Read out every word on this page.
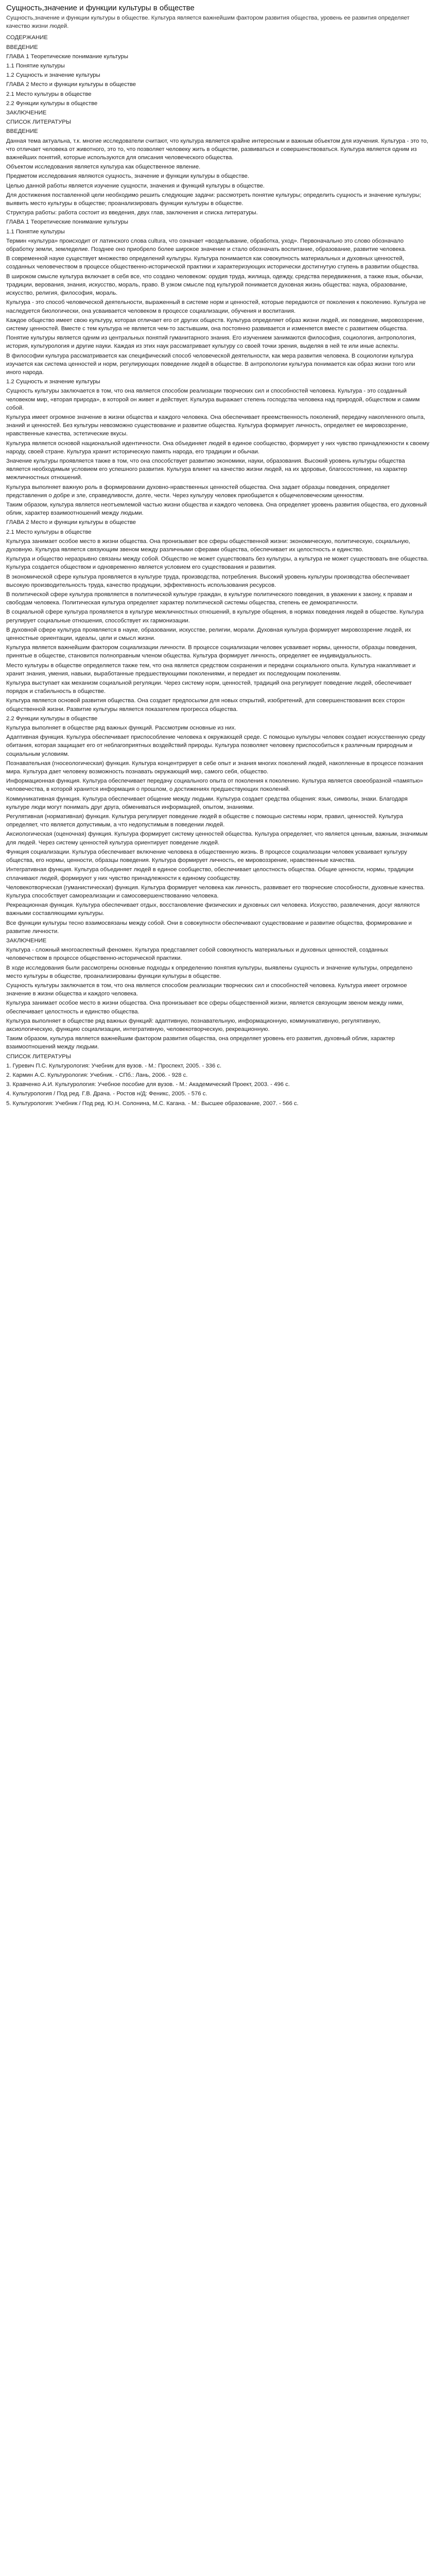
Сущность,значение и функции культуры в обществе

Сущность,значение и функции культуры в обществе. Культура является важнейшим фактором развития общества, уровень ее развития определяет качество жизни людей.

СОДЕРЖАНИЕ

ВВЕДЕНИЕ

ГЛАВА 1 Теоретические понимание культуры

1.1 Понятие культуры

1.2 Сущность и значение культуры

ГЛАВА 2 Место и функции культуры в обществе

2.1 Место культуры в обществе

2.2 Функции культуры в обществе

ЗАКЛЮЧЕНИЕ

СПИСОК ЛИТЕРАТУРЫ

ВВЕДЕНИЕ

Данная тема актуальна, т.к. многие исследователи считают, что культура является крайне интересным и важным объектом для изучения. Культура - это то, что отличает человека от животного, это то, что позволяет человеку жить в обществе, развиваться и совершенствоваться. Культура является одним из важнейших понятий, которые используются для описания человеческого общества.

Объектом исследования является культура как общественное явление.

Предметом исследования являются сущность, значение и функции культуры в обществе.

Целью данной работы является изучение сущности, значения и функций культуры в обществе.

Для достижения поставленной цели необходимо решить следующие задачи: рассмотреть понятие культуры; определить сущность и значение культуры; выявить место культуры в обществе; проанализировать функции культуры в обществе.

Структура работы: работа состоит из введения, двух глав, заключения и списка литературы.

ГЛАВА 1 Теоретические понимание культуры

1.1 Понятие культуры

Термин «культура» происходит от латинского слова cultura, что означает «возделывание, обработка, уход». Первоначально это слово обозначало обработку земли, земледелие. Позднее оно приобрело более широкое значение и стало обозначать воспитание, образование, развитие человека.

В современной науке существует множество определений культуры. Культура понимается как совокупность материальных и духовных ценностей, созданных человечеством в процессе общественно-исторической практики и характеризующих исторически достигнутую ступень в развитии общества.

В широком смысле культура включает в себя все, что создано человеком: орудия труда, жилища, одежду, средства передвижения, а также язык, обычаи, традиции, верования, знания, искусство, мораль, право. В узком смысле под культурой понимается духовная жизнь общества: наука, образование, искусство, религия, философия, мораль.

Культура - это способ человеческой деятельности, выраженный в системе норм и ценностей, которые передаются от поколения к поколению. Культура не наследуется биологически, она усваивается человеком в процессе социализации, обучения и воспитания.

Каждое общество имеет свою культуру, которая отличает его от других обществ. Культура определяет образ жизни людей, их поведение, мировоззрение, систему ценностей. Вместе с тем культура не является чем-то застывшим, она постоянно развивается и изменяется вместе с развитием общества.

Понятие культуры является одним из центральных понятий гуманитарного знания. Его изучением занимаются философия, социология, антропология, история, культурология и другие науки. Каждая из этих наук рассматривает культуру со своей точки зрения, выделяя в ней те или иные аспекты.

В философии культура рассматривается как специфический способ человеческой деятельности, как мера развития человека. В социологии культура изучается как система ценностей и норм, регулирующих поведение людей в обществе. В антропологии культура понимается как образ жизни того или иного народа.

1.2 Сущность и значение культуры

Сущность культуры заключается в том, что она является способом реализации творческих сил и способностей человека. Культура - это созданный человеком мир, «вторая природа», в которой он живет и действует. Культура выражает степень господства человека над природой, обществом и самим собой.

Культура имеет огромное значение в жизни общества и каждого человека. Она обеспечивает преемственность поколений, передачу накопленного опыта, знаний и ценностей. Без культуры невозможно существование и развитие общества. Культура формирует личность, определяет ее мировоззрение, нравственные качества, эстетические вкусы.

Культура является основой национальной идентичности. Она объединяет людей в единое сообщество, формирует у них чувство принадлежности к своему народу, своей стране. Культура хранит историческую память народа, его традиции и обычаи.

Значение культуры проявляется также в том, что она способствует развитию экономики, науки, образования. Высокий уровень культуры общества является необходимым условием его успешного развития. Культура влияет на качество жизни людей, на их здоровье, благосостояние, на характер межличностных отношений.

Культура выполняет важную роль в формировании духовно-нравственных ценностей общества. Она задает образцы поведения, определяет представления о добре и зле, справедливости, долге, чести. Через культуру человек приобщается к общечеловеческим ценностям.

Таким образом, культура является неотъемлемой частью жизни общества и каждого человека. Она определяет уровень развития общества, его духовный облик, характер взаимоотношений между людьми.

ГЛАВА 2 Место и функции культуры в обществе

2.1 Место культуры в обществе

Культура занимает особое место в жизни общества. Она пронизывает все сферы общественной жизни: экономическую, политическую, социальную, духовную. Культура является связующим звеном между различными сферами общества, обеспечивает их целостность и единство.

Культура и общество неразрывно связаны между собой. Общество не может существовать без культуры, а культура не может существовать вне общества. Культура создается обществом и одновременно является условием его существования и развития.

В экономической сфере культура проявляется в культуре труда, производства, потребления. Высокий уровень культуры производства обеспечивает высокую производительность труда, качество продукции, эффективность использования ресурсов.

В политической сфере культура проявляется в политической культуре граждан, в культуре политического поведения, в уважении к закону, к правам и свободам человека. Политическая культура определяет характер политической системы общества, степень ее демократичности.

В социальной сфере культура проявляется в культуре межличностных отношений, в культуре общения, в нормах поведения людей в обществе. Культура регулирует социальные отношения, способствует их гармонизации.

В духовной сфере культура проявляется в науке, образовании, искусстве, религии, морали. Духовная культура формирует мировоззрение людей, их ценностные ориентации, идеалы, цели и смысл жизни.

Культура является важнейшим фактором социализации личности. В процессе социализации человек усваивает нормы, ценности, образцы поведения, принятые в обществе, становится полноправным членом общества. Культура формирует личность, определяет ее индивидуальность.

Место культуры в обществе определяется также тем, что она является средством сохранения и передачи социального опыта. Культура накапливает и хранит знания, умения, навыки, выработанные предшествующими поколениями, и передает их последующим поколениям.

Культура выступает как механизм социальной регуляции. Через систему норм, ценностей, традиций она регулирует поведение людей, обеспечивает порядок и стабильность в обществе.

Культура является основой развития общества. Она создает предпосылки для новых открытий, изобретений, для совершенствования всех сторон общественной жизни. Развитие культуры является показателем прогресса общества.

2.2 Функции культуры в обществе

Культура выполняет в обществе ряд важных функций. Рассмотрим основные из них.

Адаптивная функция. Культура обеспечивает приспособление человека к окружающей среде. С помощью культуры человек создает искусственную среду обитания, которая защищает его от неблагоприятных воздействий природы. Культура позволяет человеку приспособиться к различным природным и социальным условиям.

Познавательная (гносеологическая) функция. Культура концентрирует в себе опыт и знания многих поколений людей, накопленные в процессе познания мира. Культура дает человеку возможность познавать окружающий мир, самого себя, общество.

Информационная функция. Культура обеспечивает передачу социального опыта от поколения к поколению. Культура является своеобразной «памятью» человечества, в которой хранится информация о прошлом, о достижениях предшествующих поколений.

Коммуникативная функция. Культура обеспечивает общение между людьми. Культура создает средства общения: язык, символы, знаки. Благодаря культуре люди могут понимать друг друга, обмениваться информацией, опытом, знаниями.

Регулятивная (нормативная) функция. Культура регулирует поведение людей в обществе с помощью системы норм, правил, ценностей. Культура определяет, что является допустимым, а что недопустимым в поведении людей.

Аксиологическая (оценочная) функция. Культура формирует систему ценностей общества. Культура определяет, что является ценным, важным, значимым для людей. Через систему ценностей культура ориентирует поведение людей.

Функция социализации. Культура обеспечивает включение человека в общественную жизнь. В процессе социализации человек усваивает культуру общества, его нормы, ценности, образцы поведения. Культура формирует личность, ее мировоззрение, нравственные качества.

Интегративная функция. Культура объединяет людей в единое сообщество, обеспечивает целостность общества. Общие ценности, нормы, традиции сплачивают людей, формируют у них чувство принадлежности к единому сообществу.

Человекотворческая (гуманистическая) функция. Культура формирует человека как личность, развивает его творческие способности, духовные качества. Культура способствует самореализации и самосовершенствованию человека.

Рекреационная функция. Культура обеспечивает отдых, восстановление физических и духовных сил человека. Искусство, развлечения, досуг являются важными составляющими культуры.

Все функции культуры тесно взаимосвязаны между собой. Они в совокупности обеспечивают существование и развитие общества, формирование и развитие личности.

ЗАКЛЮЧЕНИЕ

Культура - сложный многоаспектный феномен. Культура представляет собой совокупность материальных и духовных ценностей, созданных человечеством в процессе общественно-исторической практики.

В ходе исследования были рассмотрены основные подходы к определению понятия культуры, выявлены сущность и значение культуры, определено место культуры в обществе, проанализированы функции культуры в обществе.

Сущность культуры заключается в том, что она является способом реализации творческих сил и способностей человека. Культура имеет огромное значение в жизни общества и каждого человека.

Культура занимает особое место в жизни общества. Она пронизывает все сферы общественной жизни, является связующим звеном между ними, обеспечивает целостность и единство общества.

Культура выполняет в обществе ряд важных функций: адаптивную, познавательную, информационную, коммуникативную, регулятивную, аксиологическую, функцию социализации, интегративную, человекотворческую, рекреационную.

Таким образом, культура является важнейшим фактором развития общества, она определяет уровень его развития, духовный облик, характер взаимоотношений между людьми.

СПИСОК ЛИТЕРАТУРЫ

1. Гуревич П.С. Культурология: Учебник для вузов. - М.: Проспект, 2005. - 336 с.

2. Кармин А.С. Культурология: Учебник. - СПб.: Лань, 2006. - 928 с.

3. Кравченко А.И. Культурология: Учебное пособие для вузов. - М.: Академический Проект, 2003. - 496 с.

4. Культурология / Под ред. Г.В. Драча. - Ростов н/Д: Феникс, 2005. - 576 с.

5. Культурология: Учебник / Под ред. Ю.Н. Солонина, М.С. Кагана. - М.: Высшее образование, 2007. - 566 с.
